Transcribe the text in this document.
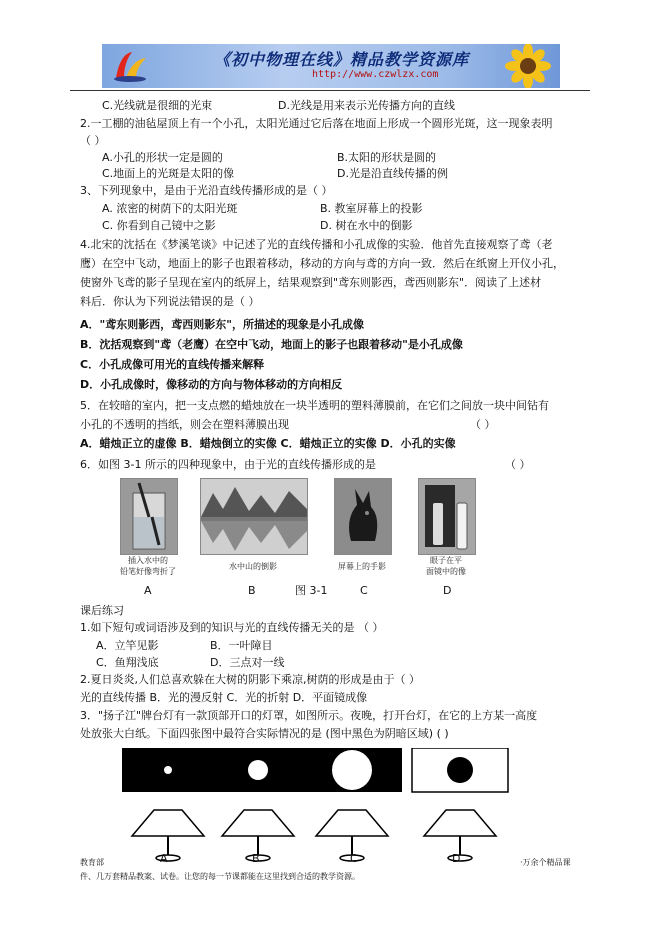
《初中物理在线》精品教学资源库
http://www.czwlzx.com
C.光线就是很细的光束	D.光线是用来表示光传播方向的直线
2.一工棚的油毡屋顶上有一个小孔，太阳光通过它后落在地面上形成一个圆形光斑，这一现象表明
（ ）
A.小孔的形状一定是圆的	B.太阳的形状是圆的
C.地面上的光斑是太阳的像	D.光是沿直线传播的例
3、下列现象中，是由于光沿直线传播形成的是（ ）
A. 浓密的树荫下的太阳光斑	B. 教室屏幕上的投影
C. 你看到自己镜中之影	D. 树在水中的倒影
4.北宋的沈括在《梦溪笔谈》中记述了光的直线传播和小孔成像的实验．他首先直接观察了鸢（老
鹰）在空中飞动，地面上的影子也跟着移动，移动的方向与鸢的方向一致．然后在纸窗上开仪小孔，
使窗外飞鸢的影子呈现在室内的纸屏上，结果观察到"鸢东则影西，鸢西则影东"．阅读了上述材
料后．你认为下列说法错误的是（ ）
A．"鸢东则影西，鸢西则影东"，所描述的现象是小孔成像
B．沈括观察到"鸢（老鹰）在空中飞动，地面上的影子也跟着移动"是小孔成像
C．小孔成像可用光的直线传播来解释
D．小孔成像时，像移动的方向与物体移动的方向相反
5．在较暗的室内，把一支点燃的蜡烛放在一块半透明的塑料薄膜前，在它们之间放一块中间钻有
小孔的不透明的挡纸，则会在塑料薄膜出现	（ ）
A．蜡烛正立的虚像 B．蜡烛倒立的实像 C．蜡烛正立的实像 D．小孔的实像
6．如图 3-1 所示的四种现象中，由于光的直线传播形成的是	（ ）
课后练习
1.如下短句或词语涉及到的知识与光的直线传播无关的是 （ ）
A．立竿见影	B．一叶障目
C．鱼翔浅底	D．三点对一线
2.夏日炎炎,人们总喜欢躲在大树的阴影下乘凉,树荫的形成是由于（ ）
光的直线传播 B．光的漫反射 C．光的折射 D．平面镜成像
3．"扬子江"牌台灯有一款顶部开口的灯罩，如图所示。夜晚，打开台灯，在它的上方某一高度
处放张大白纸。下面四张图中最符合实际情况的是 (图中黑色为阴暗区域) ( )
插入水中的
铅笔好像弯折了
水中山的倒影	屏幕上的手影
眼子在平
面镜中的像
A	B	C	D
图 3-1
A	B	C	D
教育部	·万余个精品课
件、几万套精品教案、试卷。让您的每一节课都能在这里找到合适的教学资源。
